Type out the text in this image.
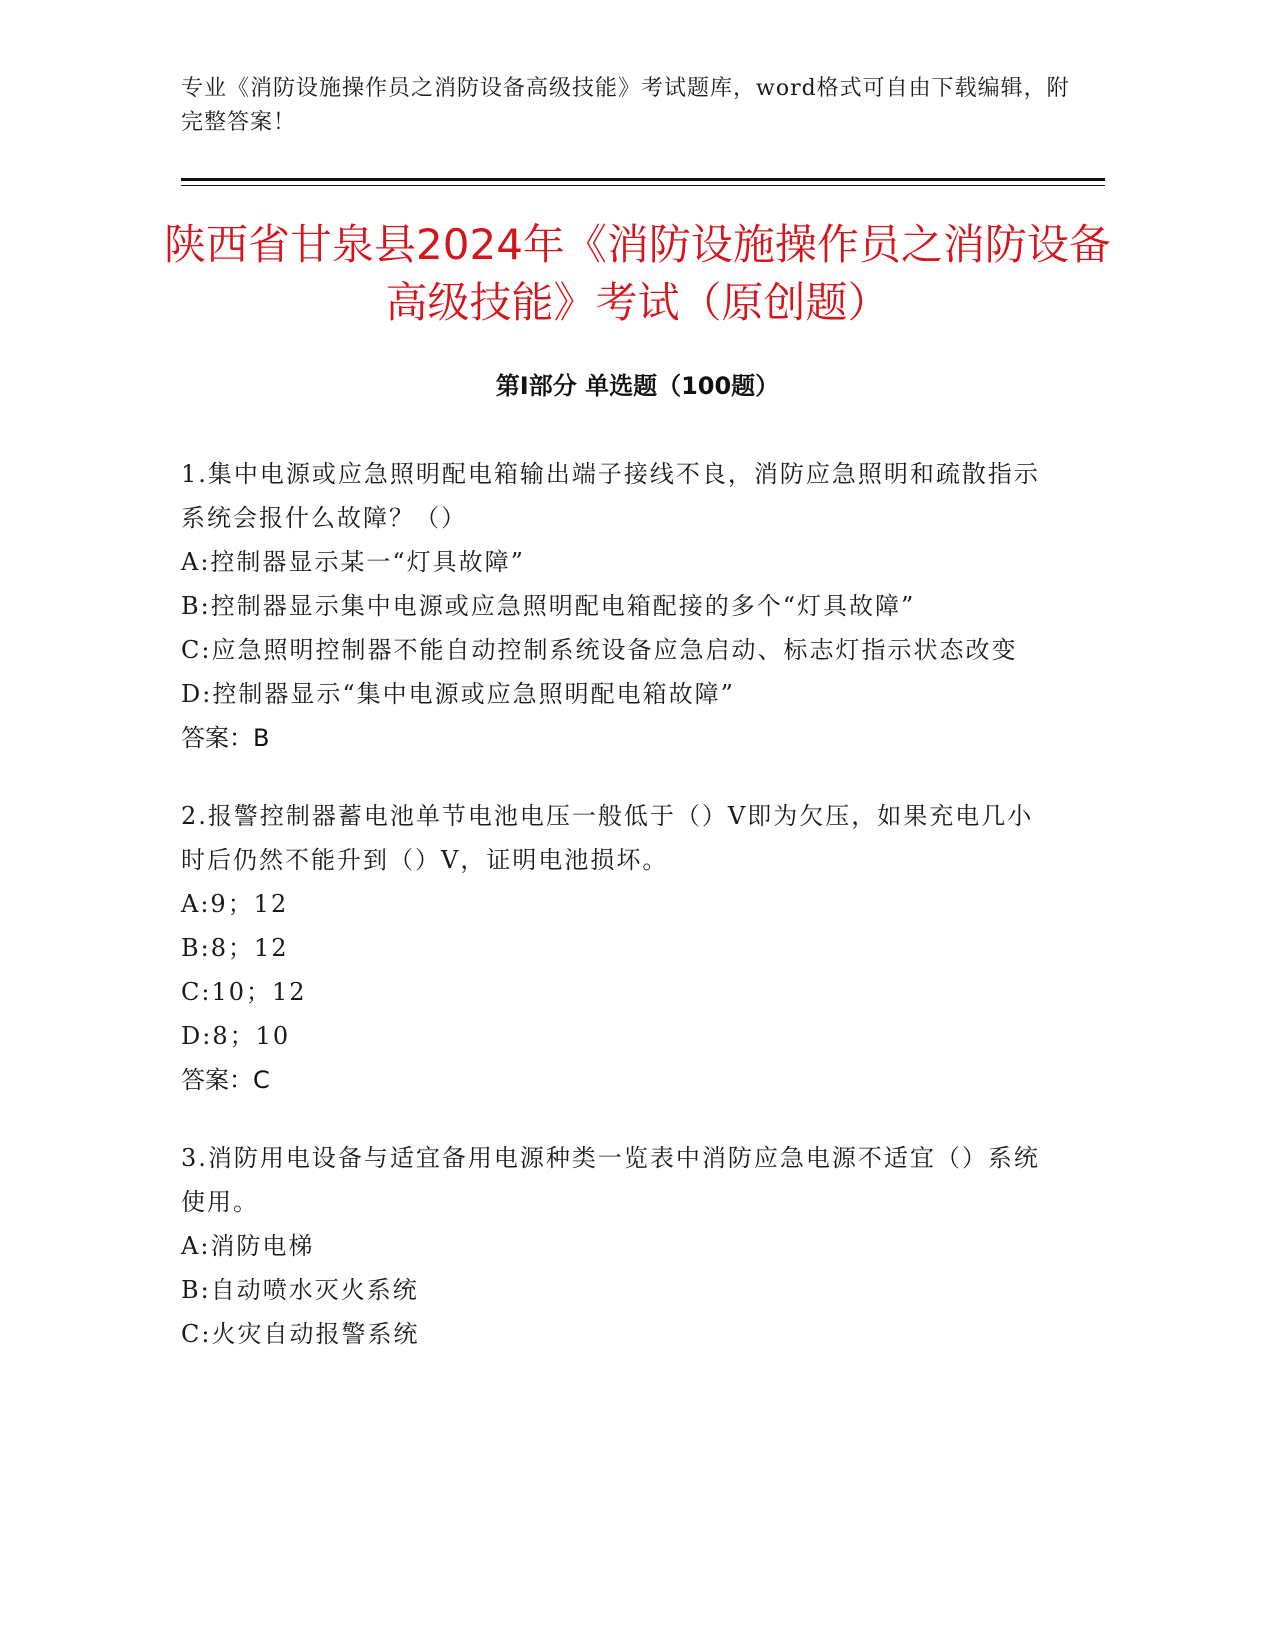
专业《消防设施操作员之消防设备高级技能》考试题库，word格式可自由下载编辑，附完整答案！
陕西省甘泉县2024年《消防设施操作员之消防设备高级技能》考试（原创题）
第Ⅰ部分 单选题（100题）
1.集中电源或应急照明配电箱输出端子接线不良，消防应急照明和疏散指示系统会报什么故障？（）
A:控制器显示某一“灯具故障”
B:控制器显示集中电源或应急照明配电箱配接的多个“灯具故障”
C:应急照明控制器不能自动控制系统设备应急启动、标志灯指示状态改变
D:控制器显示“集中电源或应急照明配电箱故障”
答案：B
2.报警控制器蓄电池单节电池电压一般低于（）V即为欠压，如果充电几小时后仍然不能升到（）V，证明电池损坏。
A:9；12
B:8；12
C:10；12
D:8；10
答案：C
3.消防用电设备与适宜备用电源种类一览表中消防应急电源不适宜（）系统使用。
A:消防电梯
B:自动喷水灭火系统
C:火灾自动报警系统
